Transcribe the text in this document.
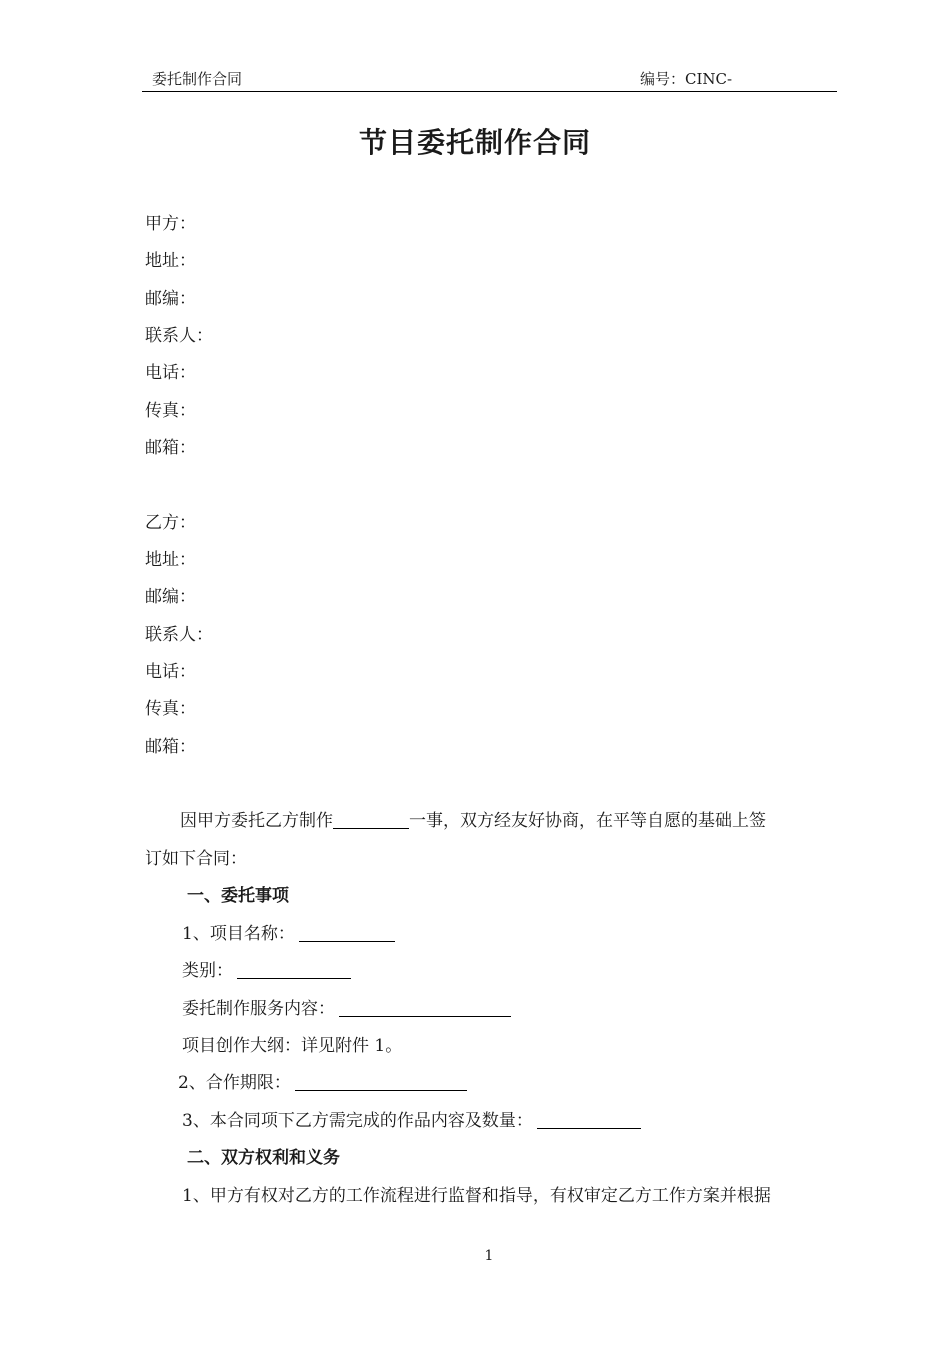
委托制作合同	编号：CINC-
节目委托制作合同
甲方：
地址：
邮编：
联系人：
电话：
传真：
邮箱：
乙方：
地址：
邮编：
联系人：
电话：
传真：
邮箱：
因甲方委托乙方制作	一事，双方经友好协商，在平等自愿的基础上签
订如下合同：
一、委托事项
1、项目名称：
类别：
委托制作服务内容：
项目创作大纲：详见附件 1。
2、合作期限：
3、本合同项下乙方需完成的作品内容及数量：
二、双方权利和义务
1、甲方有权对乙方的工作流程进行监督和指导，有权审定乙方工作方案并根据
1
